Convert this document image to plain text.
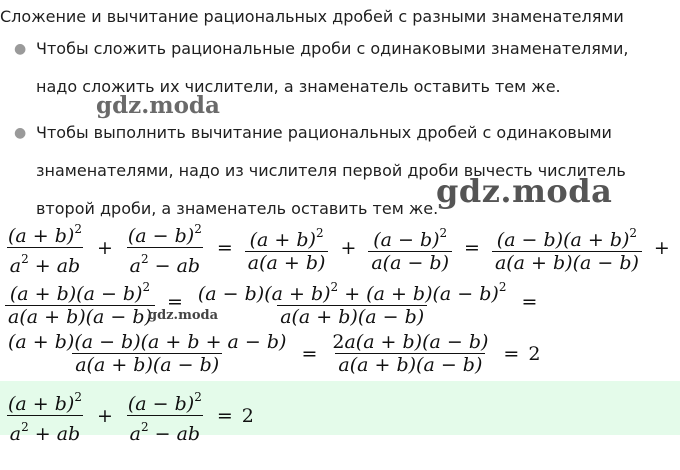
Сложение и вычитание рациональных дробей с разными знаменателями
● Чтобы сложить рациональные дроби с одинаковыми знаменателями, надо сложить их числители, а знаменатель оставить тем же.
● Чтобы выполнить вычитание рациональных дробей с одинаковыми знаменателями, надо из числителя первой дроби вычесть числитель второй дроби, а знаменатель оставить тем же.
gdz.moda
gdz.moda
$\frac{(a + b)^2}{a^2 + ab} + \frac{(a - b)^2}{a^2 - ab} = \frac{(a + b)^2}{a(a + b)} + \frac{(a - b)^2}{a(a - b)} = \frac{(a - b)(a + b)^2}{a(a + b)(a - b)}$ +
$\frac{(a + b)(a - b)^2}{a(a + b)(a - b)} = \frac{(a - b)(a + b)^2 + (a + b)(a - b)^2}{a(a + b)(a - b)}$ =
gdz.moda
$\frac{(a + b)(a - b)(a + b + a - b)}{a(a + b)(a - b)} = \frac{2a(a + b)(a - b)}{a(a + b)(a - b)} = 2$
$\frac{(a + b)^2}{a^2 + ab} + \frac{(a - b)^2}{a^2 - ab} = 2$
